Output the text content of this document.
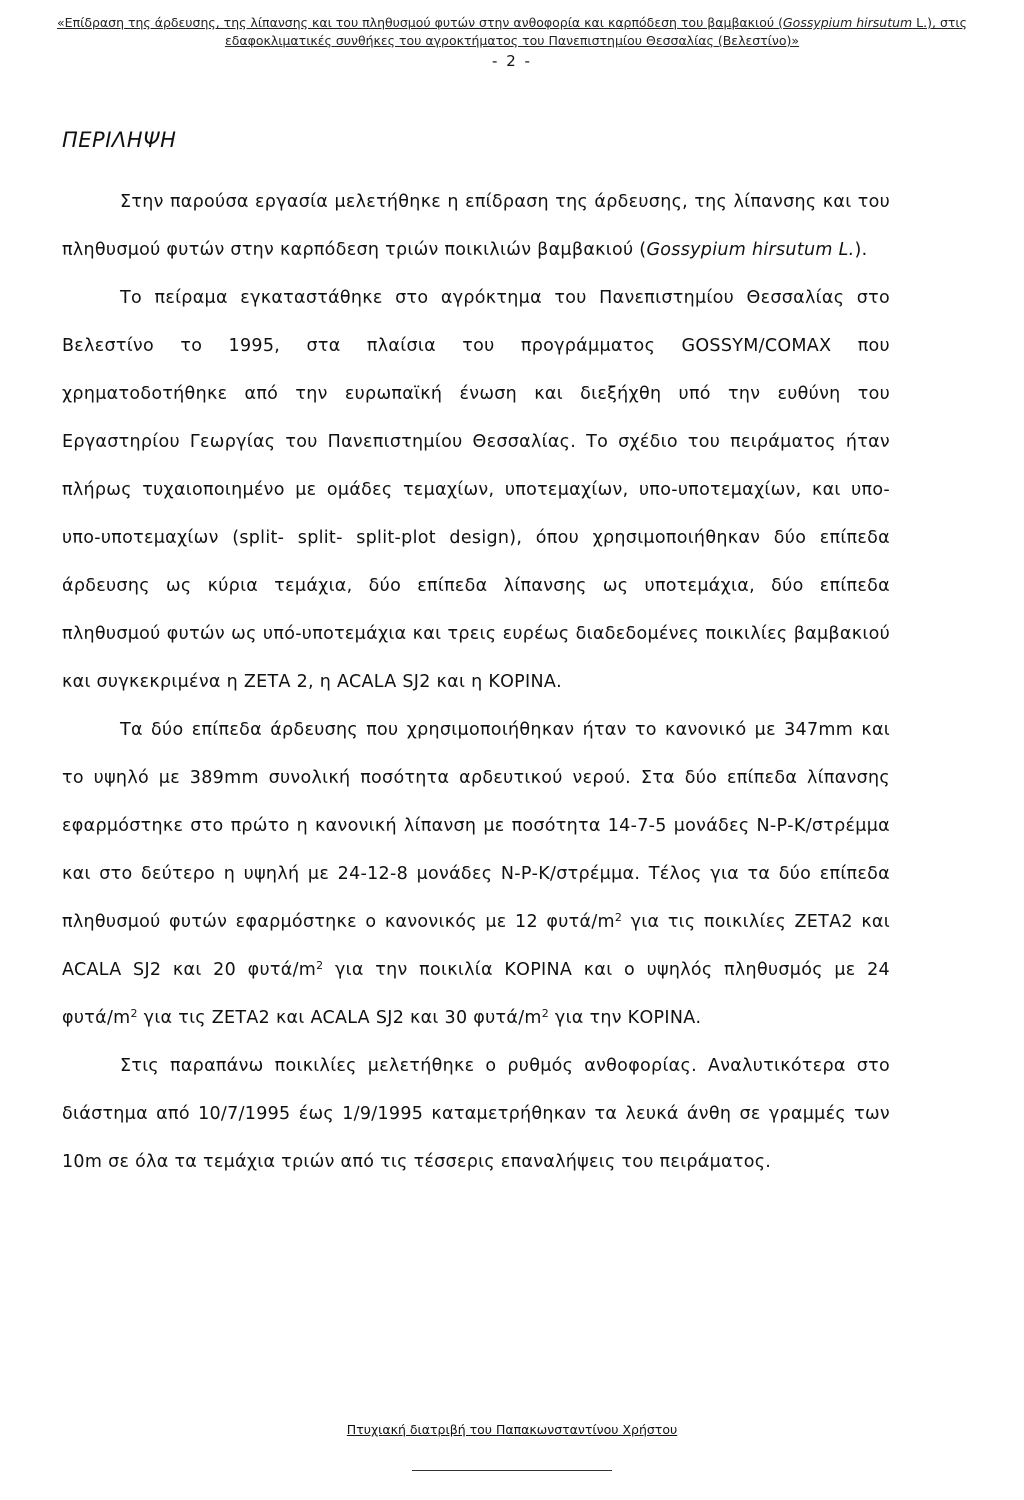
«Επίδραση της άρδευσης, της λίπανσης και του πληθυσμού φυτών στην ανθοφορία και καρπόδεση του βαμβακιού (Gossypium hirsutum L.), στις εδαφοκλιματικές συνθήκες του αγροκτήματος του Πανεπιστημίου Θεσσαλίας (Βελεστίνο)»
- 2 -
ΠΕΡΙΛΗΨΗ

Στην παρούσα εργασία μελετήθηκε η επίδραση της άρδευσης, της λίπανσης και του πληθυσμού φυτών στην καρπόδεση τριών ποικιλιών βαμβακιού (Gossypium hirsutum L.).

Το πείραμα εγκαταστάθηκε στο αγρόκτημα του Πανεπιστημίου Θεσσαλίας στο Βελεστίνο το 1995, στα πλαίσια του προγράμματος GOSSYM/COMAX που χρηματοδοτήθηκε από την ευρωπαϊκή ένωση και διεξήχθη υπό την ευθύνη του Εργαστηρίου Γεωργίας του Πανεπιστημίου Θεσσαλίας. Το σχέδιο του πειράματος ήταν πλήρως τυχαιοποιημένο με ομάδες τεμαχίων, υποτεμαχίων, υπο-υποτεμαχίων, και υπο-υπο-υποτεμαχίων (split- split- split-plot design), όπου χρησιμοποιήθηκαν δύο επίπεδα άρδευσης ως κύρια τεμάχια, δύο επίπεδα λίπανσης ως υποτεμάχια, δύο επίπεδα πληθυσμού φυτών ως υπό-υποτεμάχια και τρεις ευρέως διαδεδομένες ποικιλίες βαμβακιού και συγκεκριμένα η ΖΕΤΑ 2, η ACALA SJ2 και η ΚΟΡΙΝΑ.

Τα δύο επίπεδα άρδευσης που χρησιμοποιήθηκαν ήταν το κανονικό με 347mm και το υψηλό με 389mm συνολική ποσότητα αρδευτικού νερού. Στα δύο επίπεδα λίπανσης εφαρμόστηκε στο πρώτο η κανονική λίπανση με ποσότητα 14-7-5 μονάδες Ν-Ρ-Κ/στρέμμα και στο δεύτερο η υψηλή με 24-12-8 μονάδες Ν-Ρ-Κ/στρέμμα. Τέλος για τα δύο επίπεδα πληθυσμού φυτών εφαρμόστηκε ο κανονικός με 12 φυτά/$m^2$ για τις ποικιλίες ΖΕΤΑ2 και ACALA SJ2 και 20 φυτά/$m^2$ για την ποικιλία ΚΟΡΙΝΑ και ο υψηλός πληθυσμός με 24 φυτά/$m^2$ για τις ΖΕΤΑ2 και ACALA SJ2 και 30 φυτά/$m^2$ για την ΚΟΡΙΝΑ.

Στις παραπάνω ποικιλίες μελετήθηκε ο ρυθμός ανθοφορίας. Αναλυτικότερα στο διάστημα από 10/7/1995 έως 1/9/1995 καταμετρήθηκαν τα λευκά άνθη σε γραμμές των 10m σε όλα τα τεμάχια τριών από τις τέσσερις επαναλήψεις του πειράματος.

Πτυχιακή διατριβή του Παπακωνσταντίνου Χρήστου
